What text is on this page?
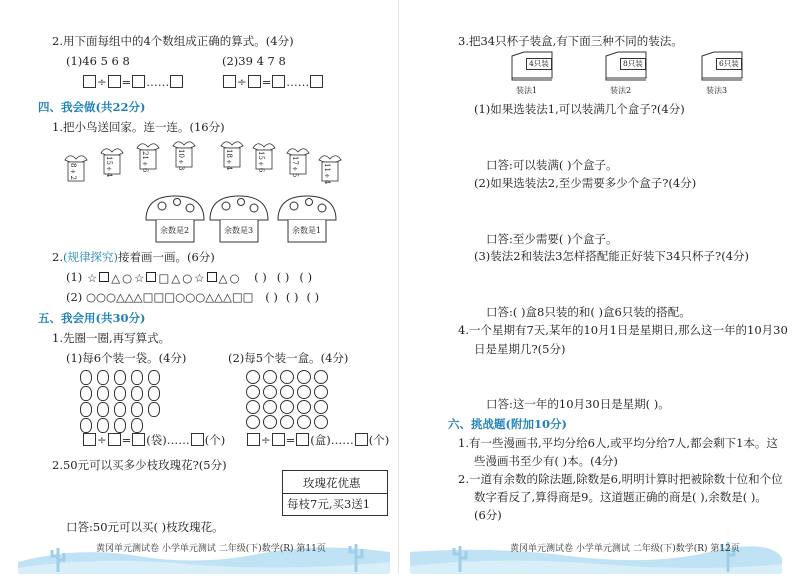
2.用下面每组中的4个数组成正确的算式。(4分)
(1)46 5 6 8	(2)39 4 7 8
÷ = ……	÷ = ……
四、我会做(共22分)
1.把小鸟送回家。连一连。(16分)
8÷2	15÷4	21÷6	10÷3	18÷4	15÷6	17÷5	11÷4
余数是2	余数是3	余数是1
2.(规律探究)接着画一画。(6分)
(1) ☆ △ ○ ☆ □ △ ○ ☆ △ ○ ( ) ( ) ( )
(2) ○○○△△△□□□○○○△△△□□ ( ) ( ) ( )
五、我会用(共30分)
1.先圈一圈,再写算式。
(1)每6个装一袋。(4分)	(2)每5个装一盒。(4分)
÷ = (袋)…… (个)	÷ = (盒)…… (个)
2.50元可以买多少枝玫瑰花?(5分)
玫瑰花优惠
每枝7元,买3送1
口答:50元可以买( )枝玫瑰花。
黄冈单元测试卷 小学单元测试 二年级(下)数学(R) 第11页
3.把34只杯子装盒,有下面三种不同的装法。
4只装
装法1
8只装
装法2
6只装
装法3
(1)如果选装法1,可以装满几个盒子?(4分)
口答:可以装满( )个盒子。
(2)如果选装法2,至少需要多少个盒子?(4分)
口答:至少需要( )个盒子。
(3)装法2和装法3怎样搭配能正好装下34只杯子?(4分)
口答:( )盒8只装的和( )盒6只装的搭配。
4.一个星期有7天,某年的10月1日是星期日,那么这一年的10月30
日是星期几?(5分)
口答:这一年的10月30日是星期( )。
六、挑战题(附加10分)
1.有一些漫画书,平均分给6人,或平均分给7人,都会剩下1本。这
些漫画书至少有( )本。(4分)
2.一道有余数的除法题,除数是6,明明计算时把被除数十位和个位
数字看反了,算得商是9。这道题正确的商是( ),余数是( )。
(6分)
黄冈单元测试卷 小学单元测试 二年级(下)数学(R) 第12页
